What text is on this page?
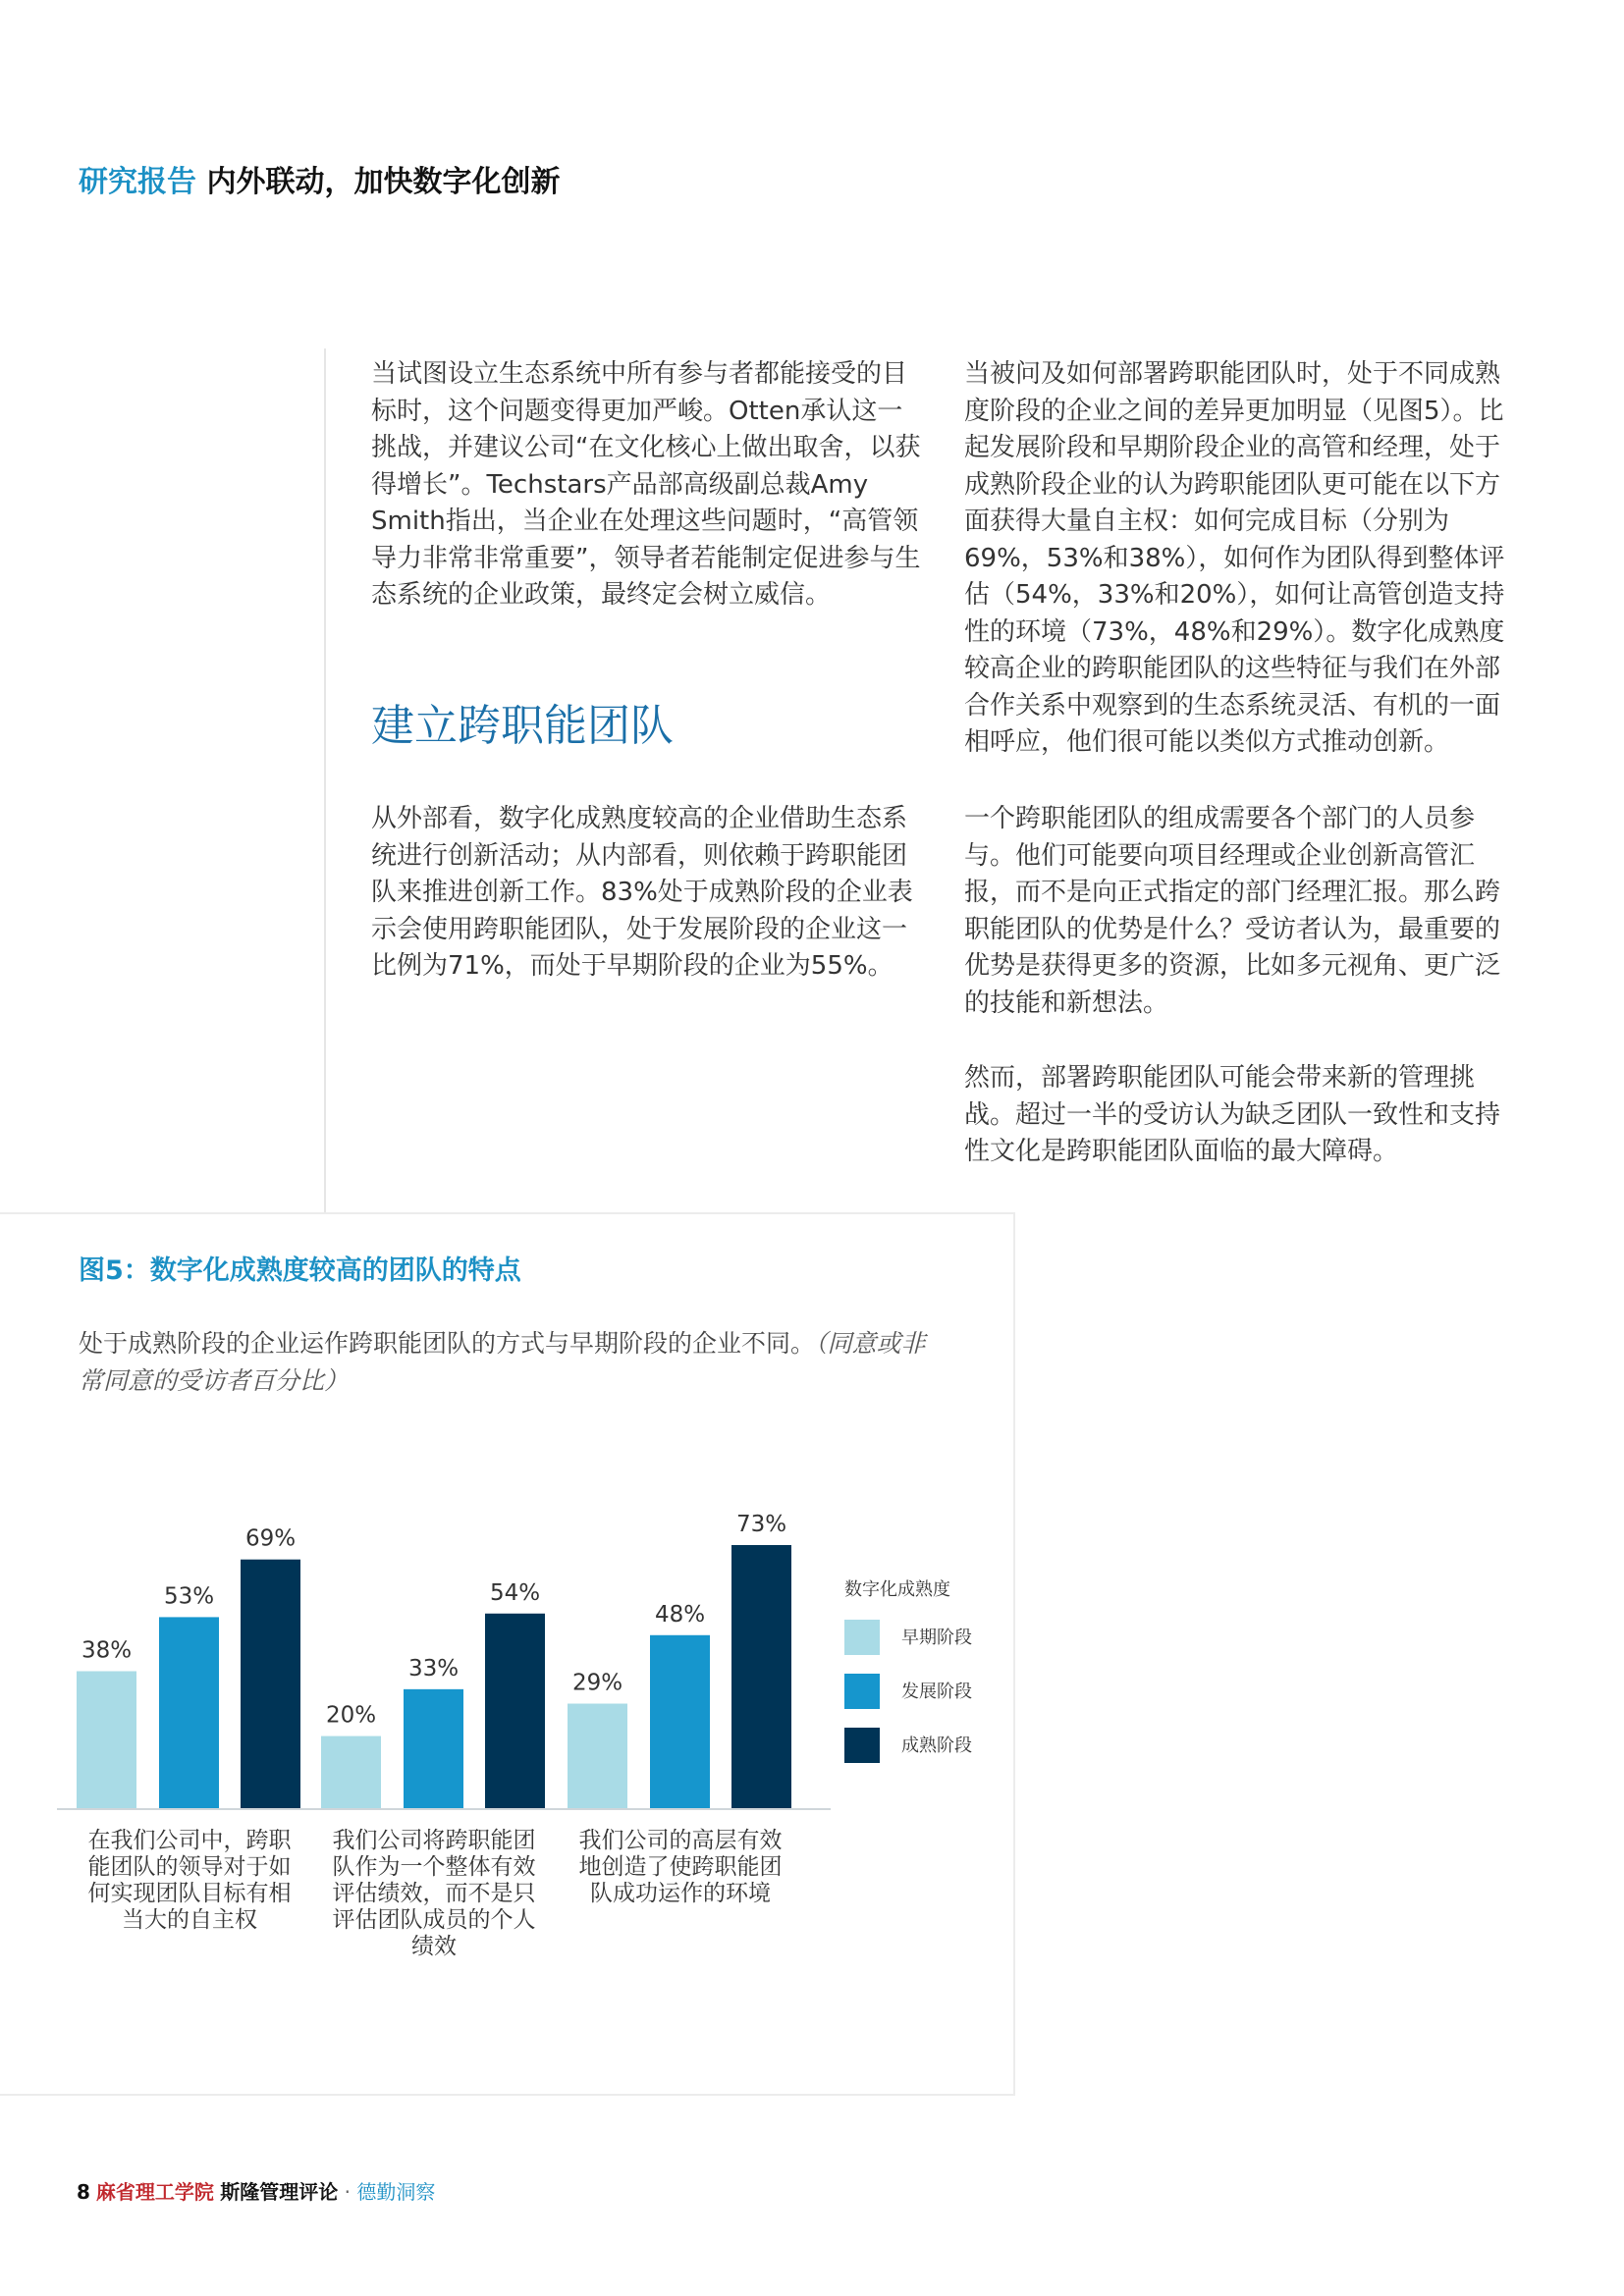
研究报告 内外联动，加快数字化创新

当试图设立生态系统中所有参与者都能接受的目标时，这个问题变得更加严峻。Otten承认这一挑战，并建议公司“在文化核心上做出取舍，以获得增长”。Techstars产品部高级副总裁Amy Smith指出，当企业在处理这些问题时，“高管领导力非常非常重要”，领导者若能制定促进参与生态系统的企业政策，最终定会树立威信。

建立跨职能团队

从外部看，数字化成熟度较高的企业借助生态系统进行创新活动；从内部看，则依赖于跨职能团队来推进创新工作。83%处于成熟阶段的企业表示会使用跨职能团队，处于发展阶段的企业这一比例为71%，而处于早期阶段的企业为55%。

当被问及如何部署跨职能团队时，处于不同成熟度阶段的企业之间的差异更加明显（见图5）。比起发展阶段和早期阶段企业的高管和经理，处于成熟阶段企业的认为跨职能团队更可能在以下方面获得大量自主权：如何完成目标（分别为69%，53%和38%），如何作为团队得到整体评估（54%，33%和20%），如何让高管创造支持性的环境（73%，48%和29%）。数字化成熟度较高企业的跨职能团队的这些特征与我们在外部合作关系中观察到的生态系统灵活、有机的一面相呼应，他们很可能以类似方式推动创新。

一个跨职能团队的组成需要各个部门的人员参与。他们可能要向项目经理或企业创新高管汇报，而不是向正式指定的部门经理汇报。那么跨职能团队的优势是什么？受访者认为，最重要的优势是获得更多的资源，比如多元视角、更广泛的技能和新想法。

然而，部署跨职能团队可能会带来新的管理挑战。超过一半的受访认为缺乏团队一致性和支持性文化是跨职能团队面临的最大障碍。

图5：数字化成熟度较高的团队的特点
处于成熟阶段的企业运作跨职能团队的方式与早期阶段的企业不同。（同意或非常同意的受访者百分比）
38%
20%
29%
53%
33%
48%
69%
54%
73%
在我们公司中，跨职
能团队的领导对于如
何实现团队目标有相
当大的自主权
我们公司将跨职能团
队作为一个整体有效
评估绩效，而不是只
评估团队成员的个人
绩效
我们公司的高层有效
地创造了使跨职能团
队成功运作的环境
数字化成熟度
早期阶段
发展阶段
成熟阶段
8 麻省理工学院 斯隆管理评论 · 德勤洞察
